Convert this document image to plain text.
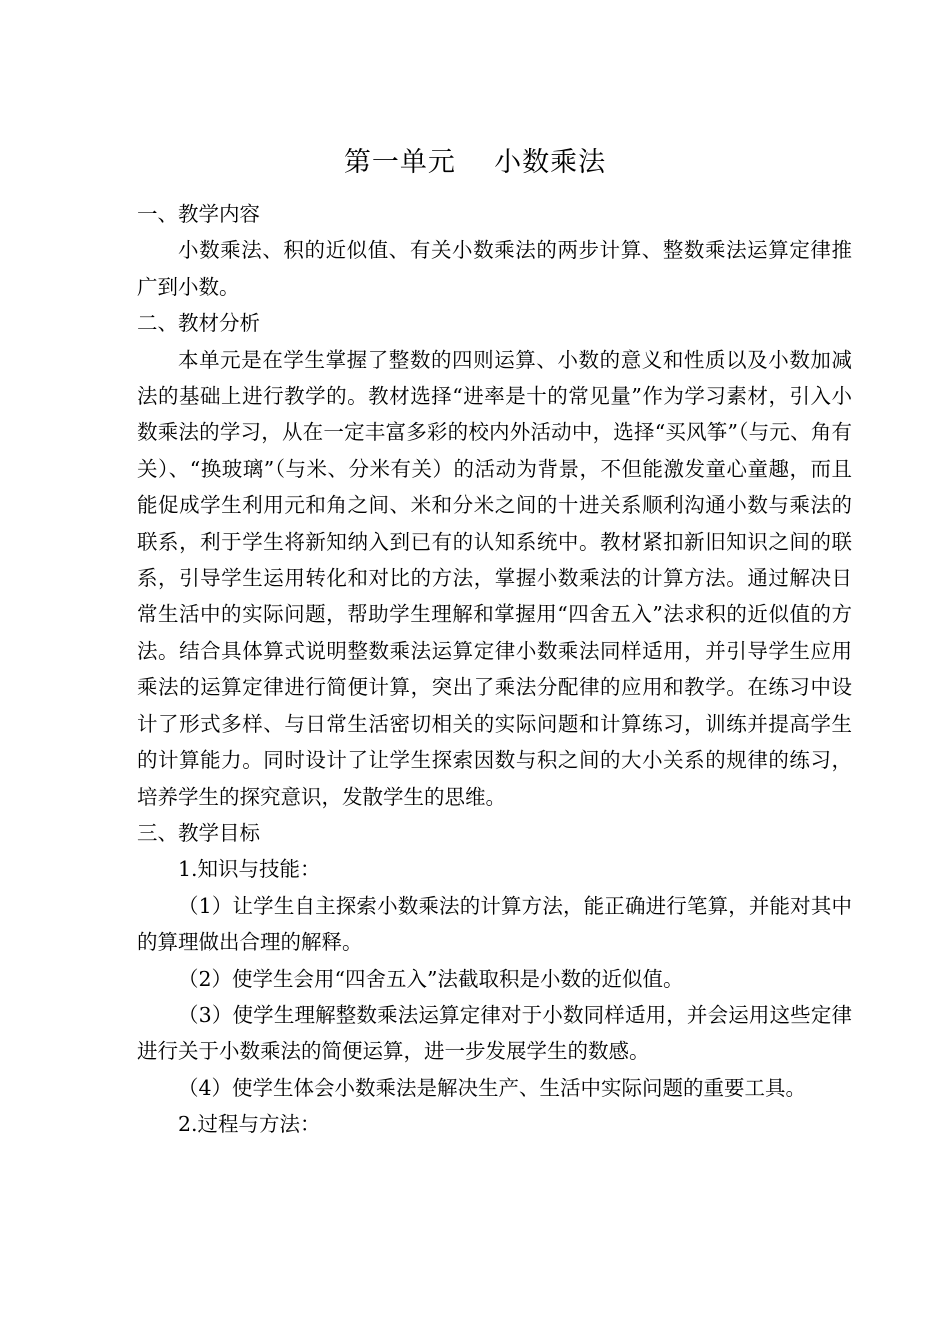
第一单元    小数乘法

一、教学内容

小数乘法、积的近似值、有关小数乘法的两步计算、整数乘法运算定律推广到小数。

二、教材分析

本单元是在学生掌握了整数的四则运算、小数的意义和性质以及小数加减法的基础上进行教学的。教材选择“进率是十的常见量”作为学习素材，引入小数乘法的学习，从在一定丰富多彩的校内外活动中，选择“买风筝”（与元、角有关）、“换玻璃”（与米、分米有关）的活动为背景，不但能激发童心童趣，而且能促成学生利用元和角之间、米和分米之间的十进关系顺利沟通小数与乘法的联系，利于学生将新知纳入到已有的认知系统中。教材紧扣新旧知识之间的联系，引导学生运用转化和对比的方法，掌握小数乘法的计算方法。通过解决日常生活中的实际问题，帮助学生理解和掌握用“四舍五入”法求积的近似值的方法。结合具体算式说明整数乘法运算定律小数乘法同样适用，并引导学生应用乘法的运算定律进行简便计算，突出了乘法分配律的应用和教学。在练习中设计了形式多样、与日常生活密切相关的实际问题和计算练习，训练并提高学生的计算能力。同时设计了让学生探索因数与积之间的大小关系的规律的练习，培养学生的探究意识，发散学生的思维。

三、教学目标

1.知识与技能：

（1）让学生自主探索小数乘法的计算方法，能正确进行笔算，并能对其中的算理做出合理的解释。

（2）使学生会用“四舍五入”法截取积是小数的近似值。

（3）使学生理解整数乘法运算定律对于小数同样适用，并会运用这些定律进行关于小数乘法的简便运算，进一步发展学生的数感。

（4）使学生体会小数乘法是解决生产、生活中实际问题的重要工具。

2.过程与方法：
